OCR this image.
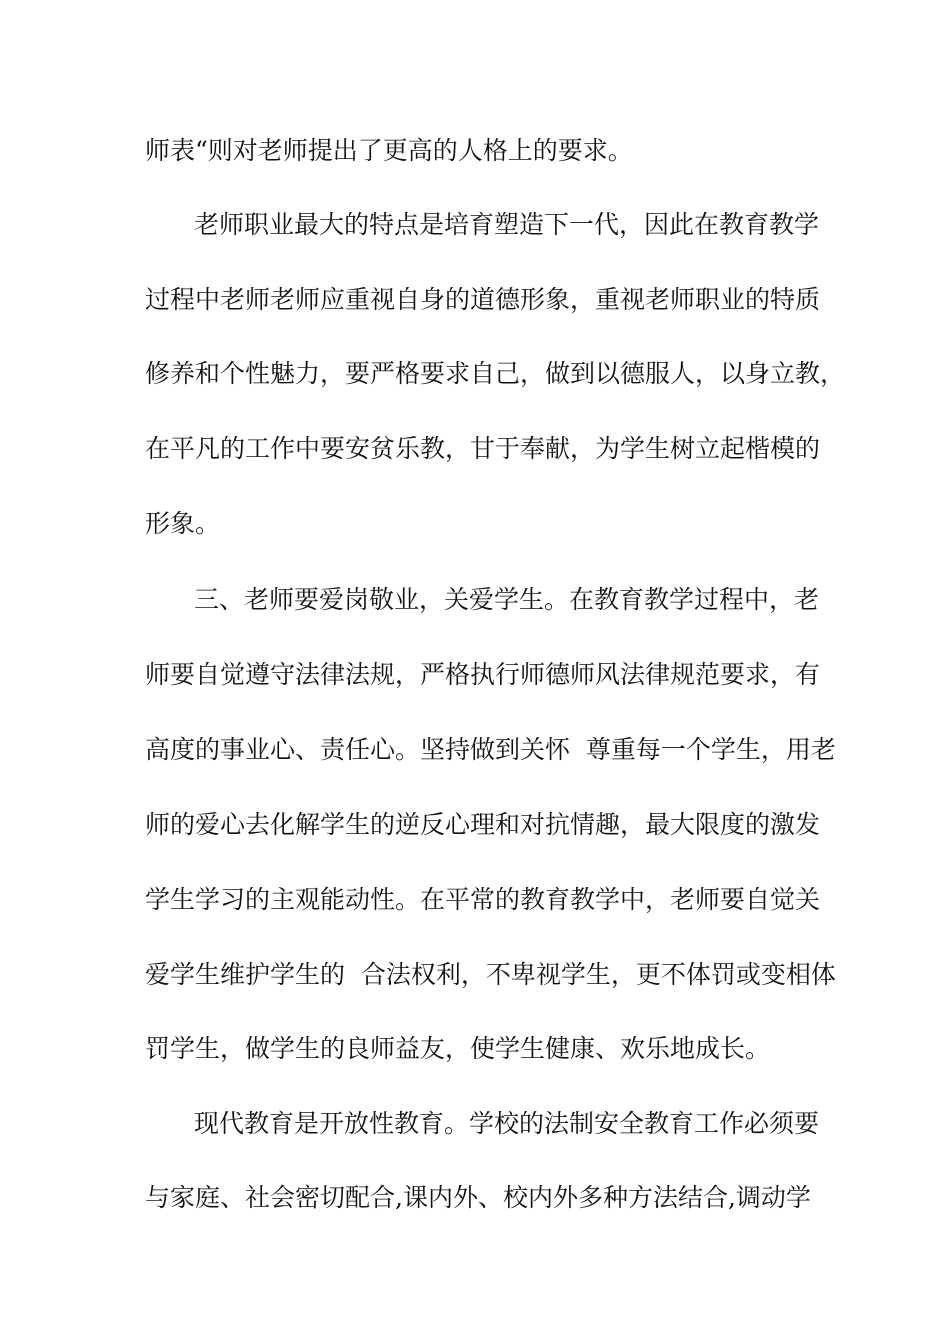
师表“则对老师提出了更高的人格上的要求。
老师职业最大的特点是培育塑造下一代，因此在教育教学
过程中老师老师应重视自身的道德形象，重视老师职业的特质
修养和个性魅力，要严格要求自己，做到以德服人，以身立教，
在平凡的工作中要安贫乐教，甘于奉献，为学生树立起楷模的
形象。
三、老师要爱岗敬业，关爱学生。在教育教学过程中，老
师要自觉遵守法律法规，严格执行师德师风法律规范要求，有
高度的事业心、责任心。坚持做到关怀  尊重每一个学生，用老
师的爱心去化解学生的逆反心理和对抗情趣，最大限度的激发
学生学习的主观能动性。在平常的教育教学中，老师要自觉关
爱学生维护学生的  合法权利，不卑视学生，更不体罚或变相体
罚学生，做学生的良师益友，使学生健康、欢乐地成长。
现代教育是开放性教育。学校的法制安全教育工作必须要
与家庭、社会密切配合,课内外、校内外多种方法结合,调动学
